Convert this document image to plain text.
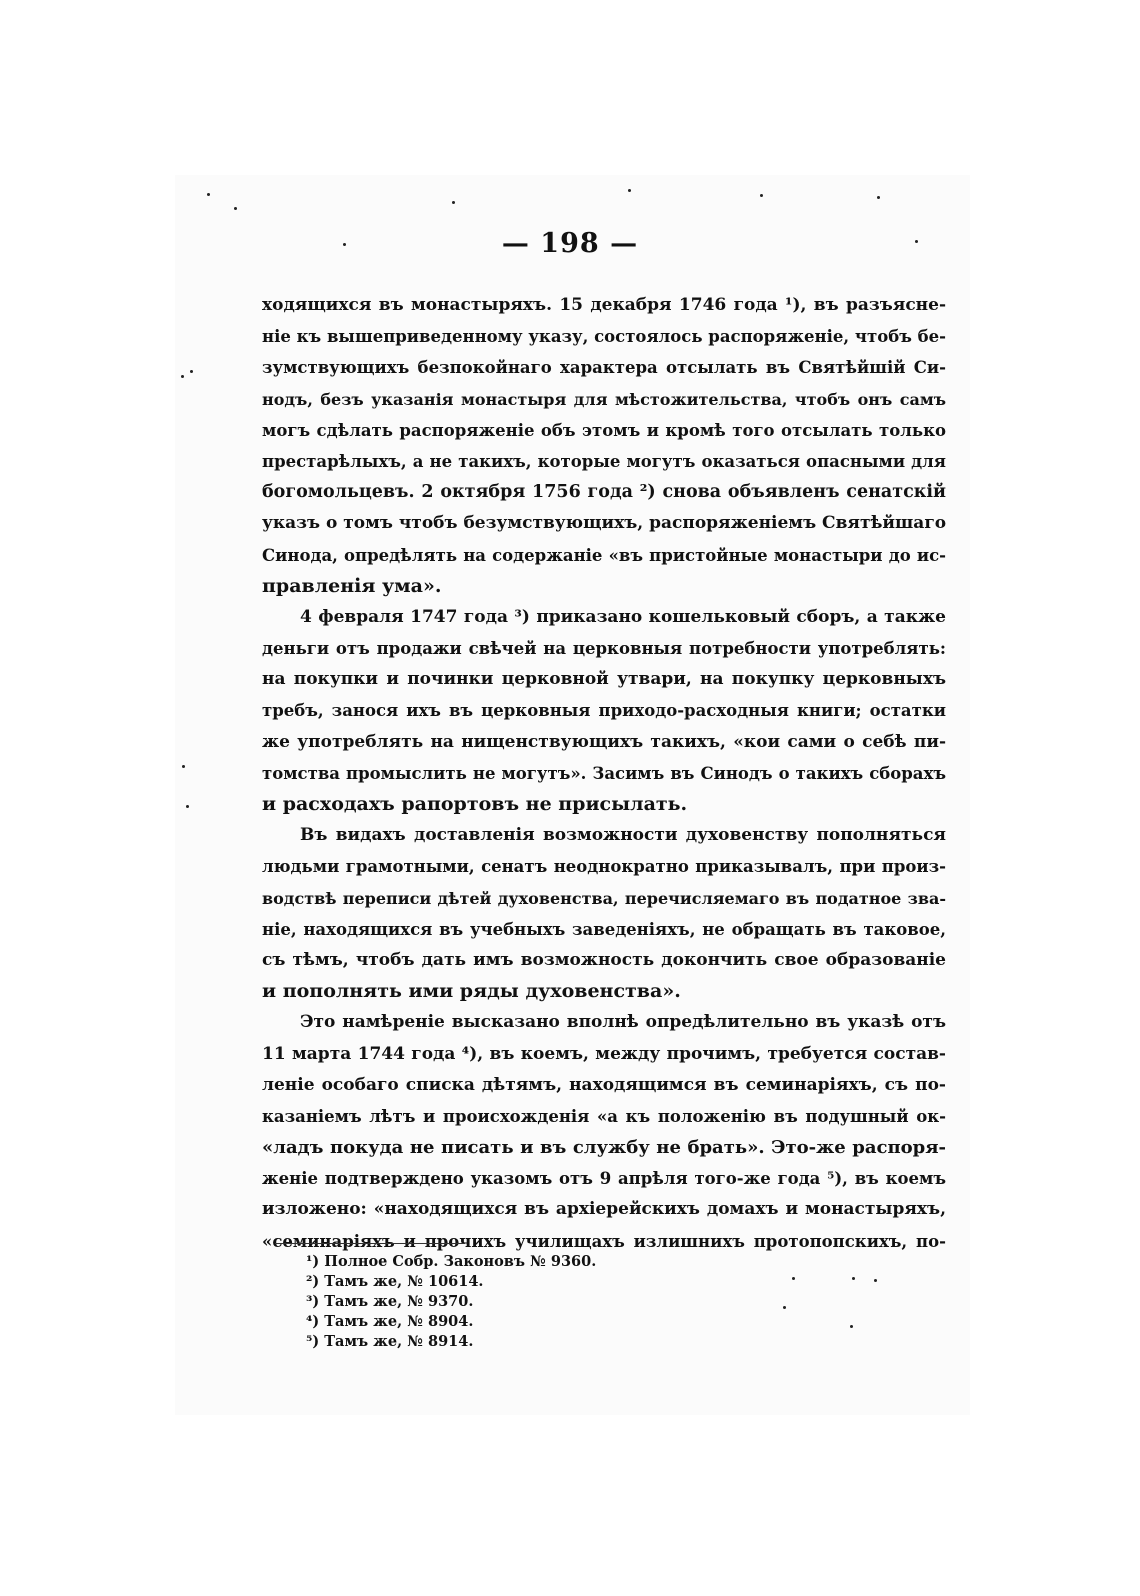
— 198 —
ходящихся въ монастыряхъ. 15 декабря 1746 года ¹), въ разъясне-
ніе къ вышеприведенному указу, состоялось распоряженіе, чтобъ бе-
зумствующихъ безпокойнаго характера отсылать въ Святѣйшій Си-
нодъ, безъ указанія монастыря для мѣстожительства, чтобъ онъ самъ
могъ сдѣлать распоряженіе объ этомъ и кромѣ того отсылать только
престарѣлыхъ, а не такихъ, которые могутъ оказаться опасными для
богомольцевъ. 2 октября 1756 года ²) снова объявленъ сенатскій
указъ о томъ чтобъ безумствующихъ, распоряженіемъ Святѣйшаго
Синода, опредѣлять на содержаніе «въ пристойные монастыри до ис-
правленія ума».
4 февраля 1747 года ³) приказано кошельковый сборъ, а также
деньги отъ продажи свѣчей на церковныя потребности употреблять:
на покупки и починки церковной утвари, на покупку церковныхъ
требъ, занося ихъ въ церковныя приходо-расходныя книги; остатки
же употреблять на нищенствующихъ такихъ, «кои сами о себѣ пи-
томства промыслить не могутъ». Засимъ въ Синодъ о такихъ сборахъ
и расходахъ рапортовъ не присылать.
Въ видахъ доставленія возможности духовенству пополняться
людьми грамотными, сенатъ неоднократно приказывалъ, при произ-
водствѣ переписи дѣтей духовенства, перечисляемаго въ податное зва-
ніе, находящихся въ учебныхъ заведеніяхъ, не обращать въ таковое,
съ тѣмъ, чтобъ дать имъ возможность докончить свое образованіе
и пополнять ими ряды духовенства».
Это намѣреніе высказано вполнѣ опредѣлительно въ указѣ отъ
11 марта 1744 года ⁴), въ коемъ, между прочимъ, требуется состав-
леніе особаго списка дѣтямъ, находящимся въ семинаріяхъ, съ по-
казаніемъ лѣтъ и происхожденія «а къ положенію въ подушный ок-
«ладъ покуда не писать и въ службу не брать». Это-же распоря-
женіе подтверждено указомъ отъ 9 апрѣля того-же года ⁵), въ коемъ
изложено: «находящихся въ архіерейскихъ домахъ и монастыряхъ,
«семинаріяхъ и прочихъ училищахъ излишнихъ протопопскихъ, по-
¹) Полное Собр. Законовъ № 9360.
²) Тамъ же, № 10614.
³) Тамъ же, № 9370.
⁴) Тамъ же, № 8904.
⁵) Тамъ же, № 8914.
